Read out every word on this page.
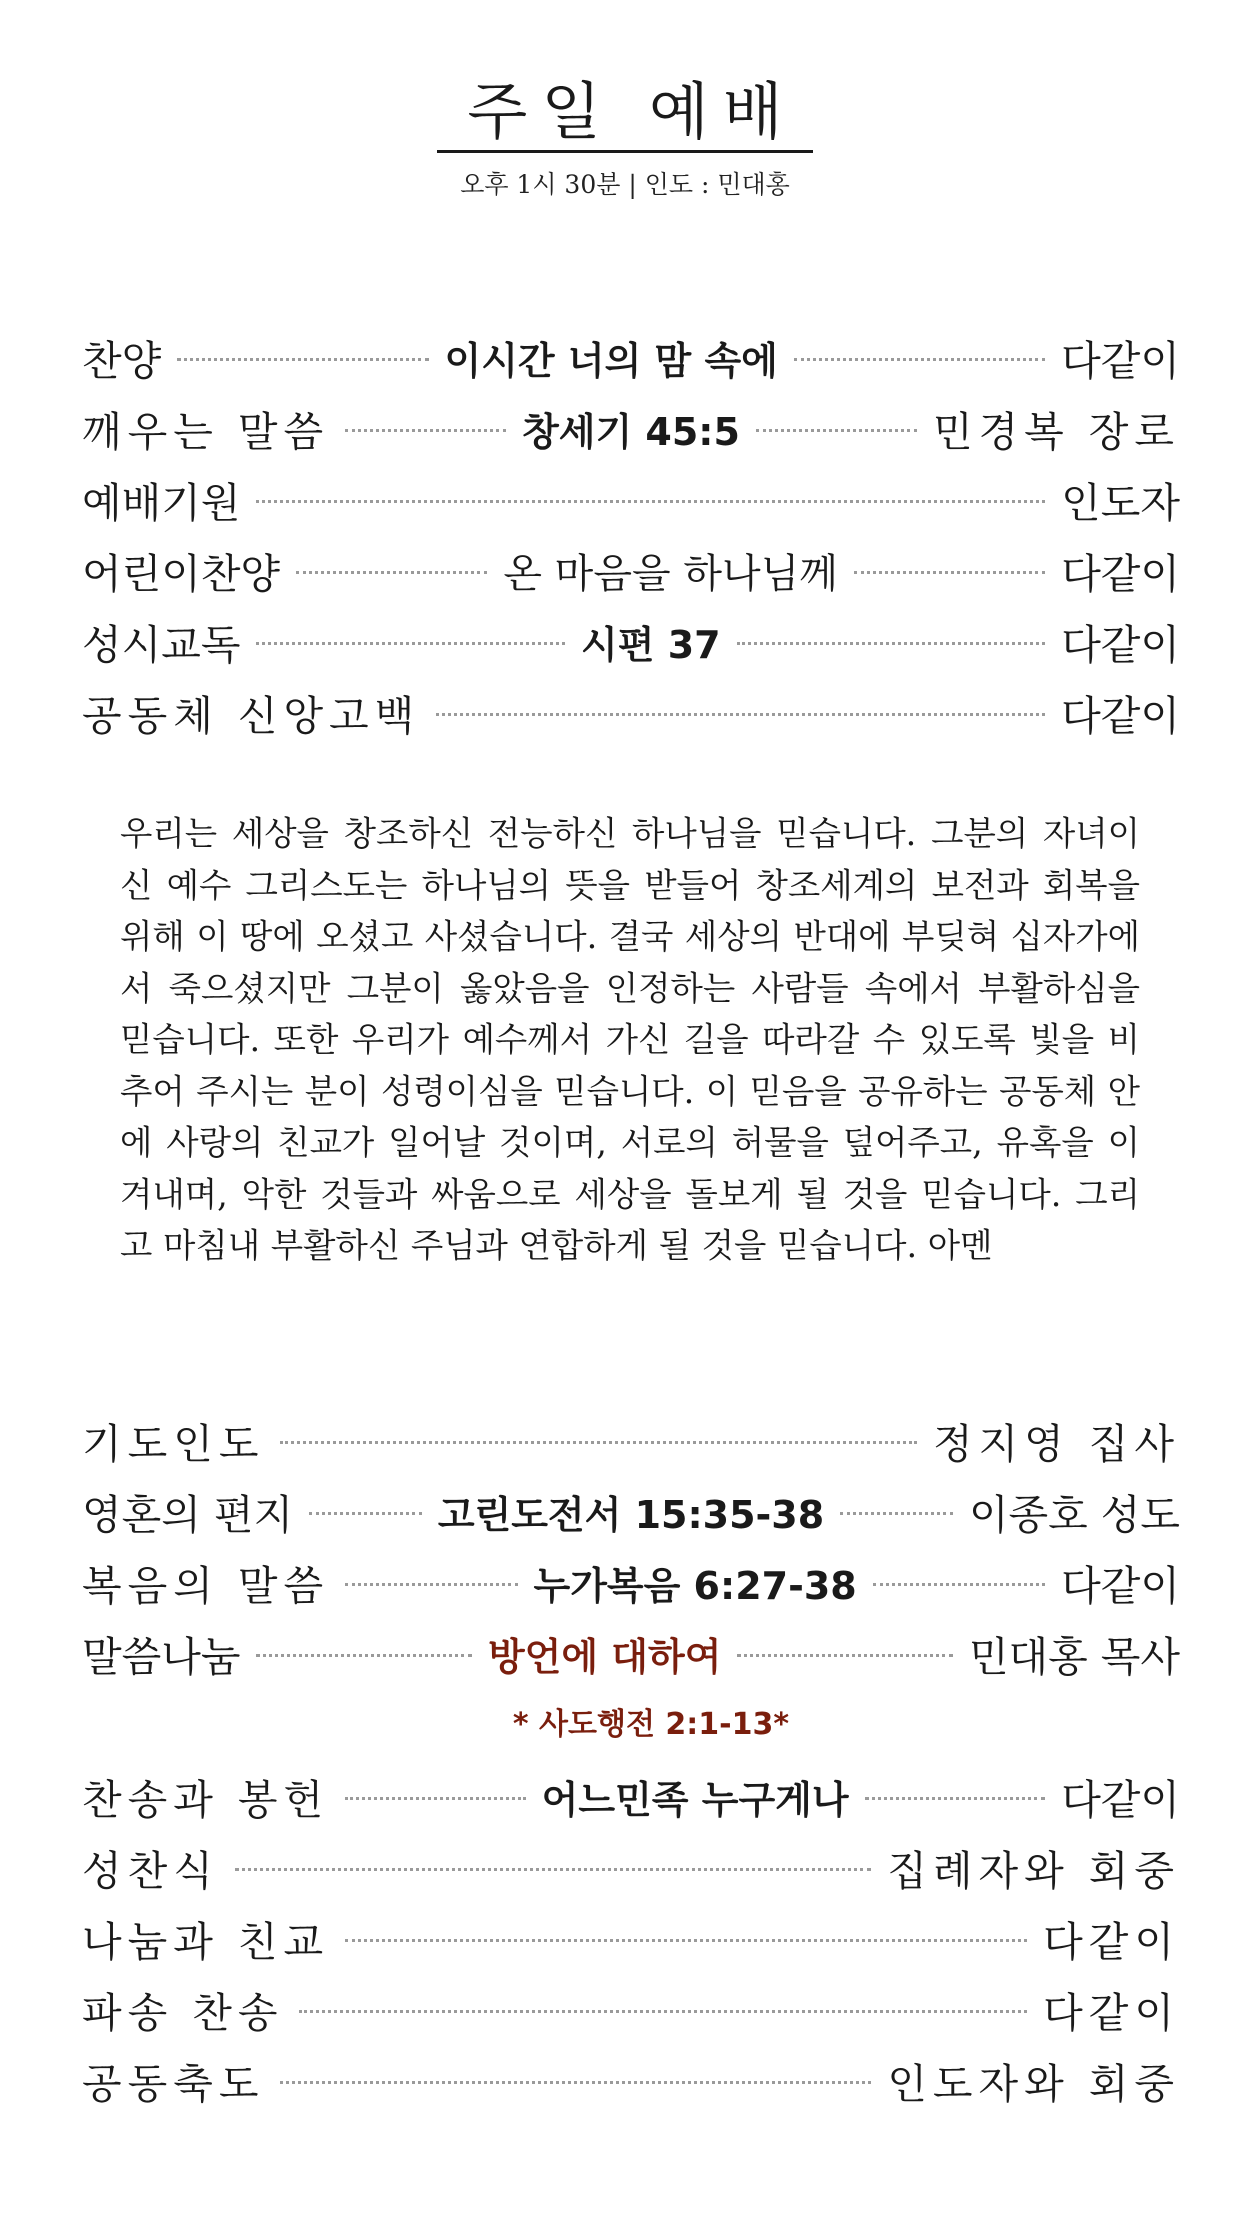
주일 예배
오후 1시 30분 | 인도 : 민대홍
찬양	이시간 너의 맘 속에	다같이
깨우는 말씀	창세기 45:5	민경복 장로
예배기원	인도자
어린이찬양	온 마음을 하나님께	다같이
성시교독	시편 37	다같이
공동체 신앙고백	다같이
우리는 세상을 창조하신 전능하신 하나님을 믿습니다. 그분의 자녀이신 예수 그리스도는 하나님의 뜻을 받들어 창조세계의 보전과 회복을 위해 이 땅에 오셨고 사셨습니다. 결국 세상의 반대에 부딪혀 십자가에서 죽으셨지만 그분이 옳았음을 인정하는 사람들 속에서 부활하심을 믿습니다. 또한 우리가 예수께서 가신 길을 따라갈 수 있도록 빛을 비추어 주시는 분이 성령이심을 믿습니다. 이 믿음을 공유하는 공동체 안에 사랑의 친교가 일어날 것이며, 서로의 허물을 덮어주고, 유혹을 이겨내며, 악한 것들과 싸움으로 세상을 돌보게 될 것을 믿습니다. 그리고 마침내 부활하신 주님과 연합하게 될 것을 믿습니다. 아멘
기도인도	정지영 집사
영혼의 편지	고린도전서 15:35-38	이종호 성도
복음의 말씀	누가복음 6:27-38	다같이
말씀나눔	방언에 대하여	민대홍 목사
* 사도행전 2:1-13*
찬송과 봉헌	어느민족 누구게나	다같이
성찬식	집례자와 회중
나눔과 친교	다같이
파송 찬송	다같이
공동축도	인도자와 회중
